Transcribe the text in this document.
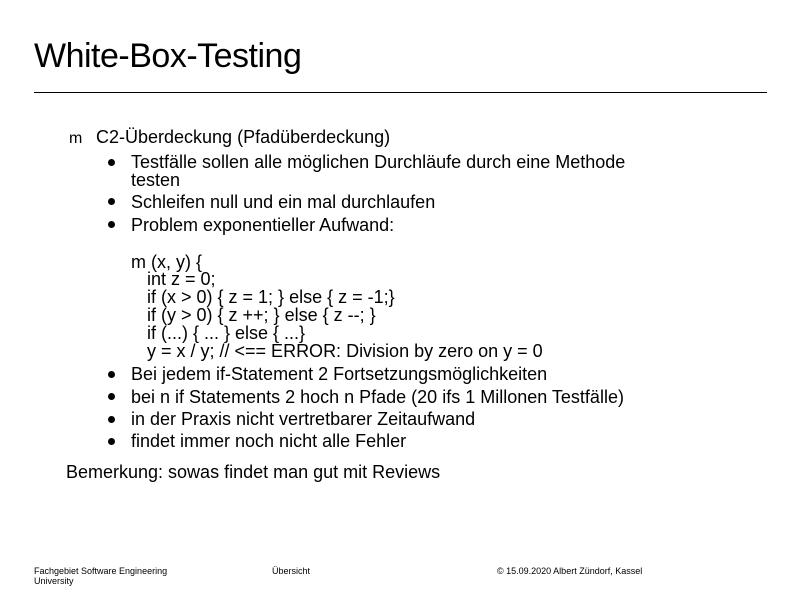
White-Box-Testing
m C2-Überdeckung (Pfadüberdeckung)
Testfälle sollen alle möglichen Durchläufe durch eine Methode
testen
Schleifen null und ein mal durchlaufen
Problem exponentieller Aufwand:
m (x, y) {
int z = 0;
if (x > 0) { z = 1; } else { z = -1;}
if (y > 0) { z ++; } else { z --; }
if (...) { ... } else { ...}
y = x / y; // <== ERROR: Division by zero on y = 0
Bei jedem if-Statement 2 Fortsetzungsmöglichkeiten
bei n if Statements 2 hoch n Pfade (20 ifs 1 Millonen Testfälle)
in der Praxis nicht vertretbarer Zeitaufwand
findet immer noch nicht alle Fehler
Bemerkung: sowas findet man gut mit Reviews
Fachgebiet Software Engineering
University
Übersicht	© 15.09.2020 Albert Zündorf, Kassel
